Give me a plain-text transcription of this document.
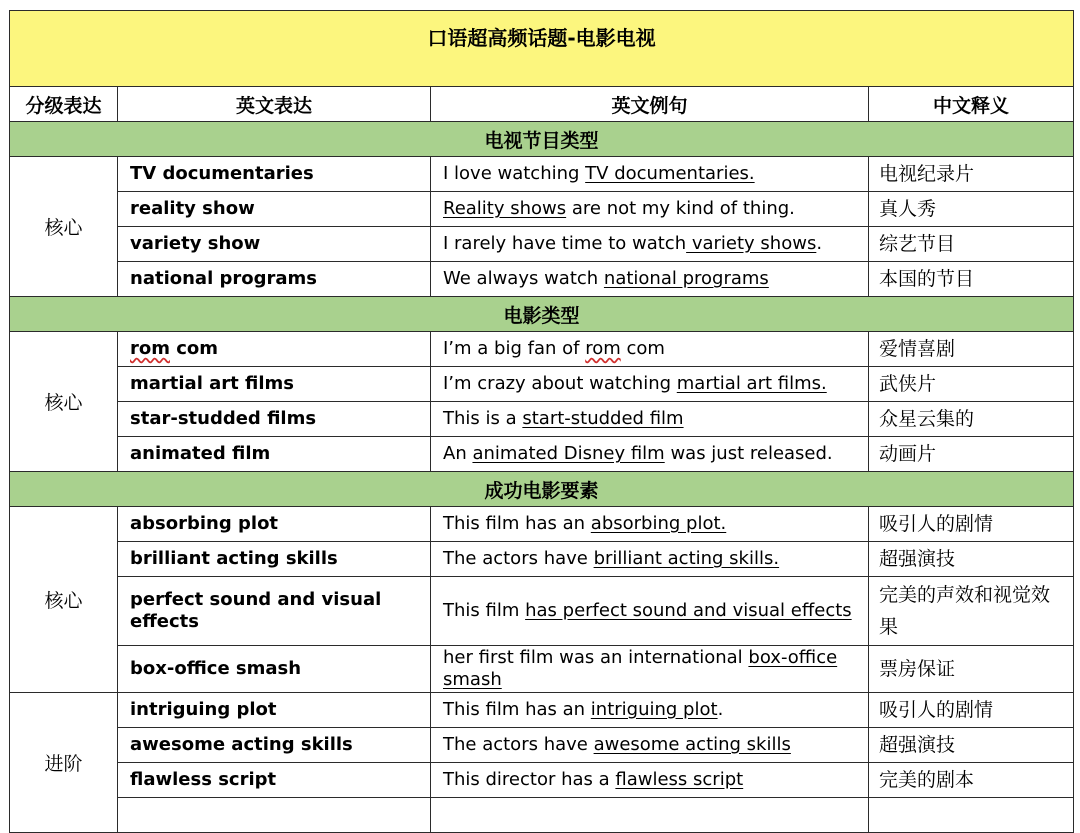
口语超高频话题-电影电视			
分级表达	英文表达	英文例句	中文释义
电视节目类型			
核心	TV documentaries	I love watching TV documentaries.	电视纪录片
	reality show	Reality shows are not my kind of thing.	真人秀
	variety show	I rarely have time to watch variety shows.	综艺节目
	national programs	We always watch national programs	本国的节目
电影类型			
核心	rom com	I’m a big fan of rom com	爱情喜剧
	martial art films	I’m crazy about watching martial art films.	武侠片
	star-studded films	This is a start-studded film	众星云集的
	animated film	An animated Disney film was just released.	动画片
成功电影要素			
核心	absorbing plot	This film has an absorbing plot.	吸引人的剧情
	brilliant acting skills	The actors have brilliant acting skills.	超强演技
	perfect sound and visual effects	This film has perfect sound and visual effects	完美的声效和视觉效果
	box-office smash	her first film was an international box-office smash	票房保证
进阶	intriguing plot	This film has an intriguing plot.	吸引人的剧情
	awesome acting skills	The actors have awesome acting skills	超强演技
	flawless script	This director has a flawless script	完美的剧本
